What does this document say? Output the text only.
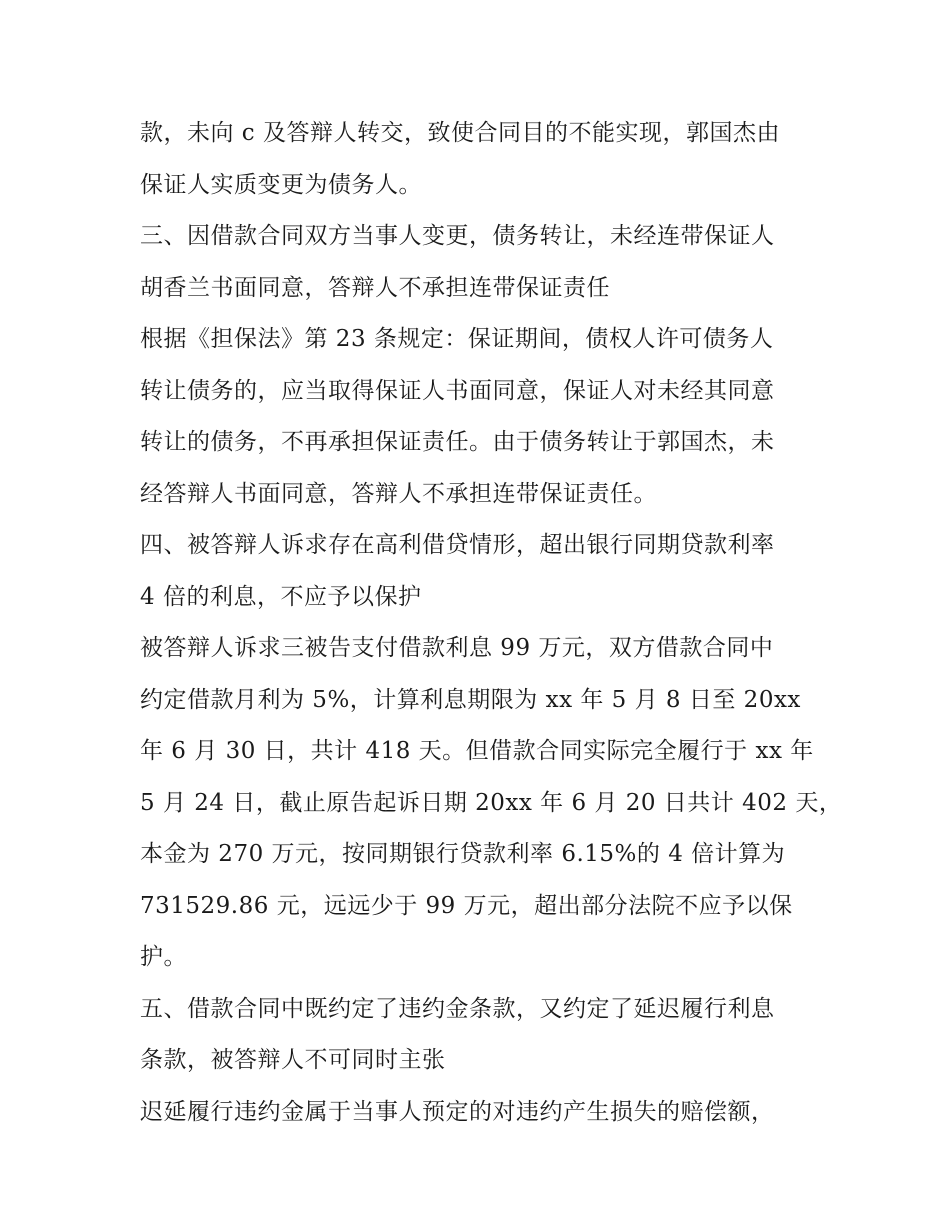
款，未向 c 及答辩人转交，致使合同目的不能实现，郭国杰由
保证人实质变更为债务人。
三、因借款合同双方当事人变更，债务转让，未经连带保证人
胡香兰书面同意，答辩人不承担连带保证责任
根据《担保法》第 23 条规定：保证期间，债权人许可债务人
转让债务的，应当取得保证人书面同意，保证人对未经其同意
转让的债务，不再承担保证责任。由于债务转让于郭国杰，未
经答辩人书面同意，答辩人不承担连带保证责任。
四、被答辩人诉求存在高利借贷情形，超出银行同期贷款利率
4 倍的利息，不应予以保护
被答辩人诉求三被告支付借款利息 99 万元，双方借款合同中
约定借款月利为 5%，计算利息期限为 xx 年 5 月 8 日至 20xx
年 6 月 30 日，共计 418 天。但借款合同实际完全履行于 xx 年
5 月 24 日，截止原告起诉日期 20xx 年 6 月 20 日共计 402 天，
本金为 270 万元，按同期银行贷款利率 6.15%的 4 倍计算为
731529.86 元，远远少于 99 万元，超出部分法院不应予以保
护。
五、借款合同中既约定了违约金条款，又约定了延迟履行利息
条款，被答辩人不可同时主张
迟延履行违约金属于当事人预定的对违约产生损失的赔偿额，
